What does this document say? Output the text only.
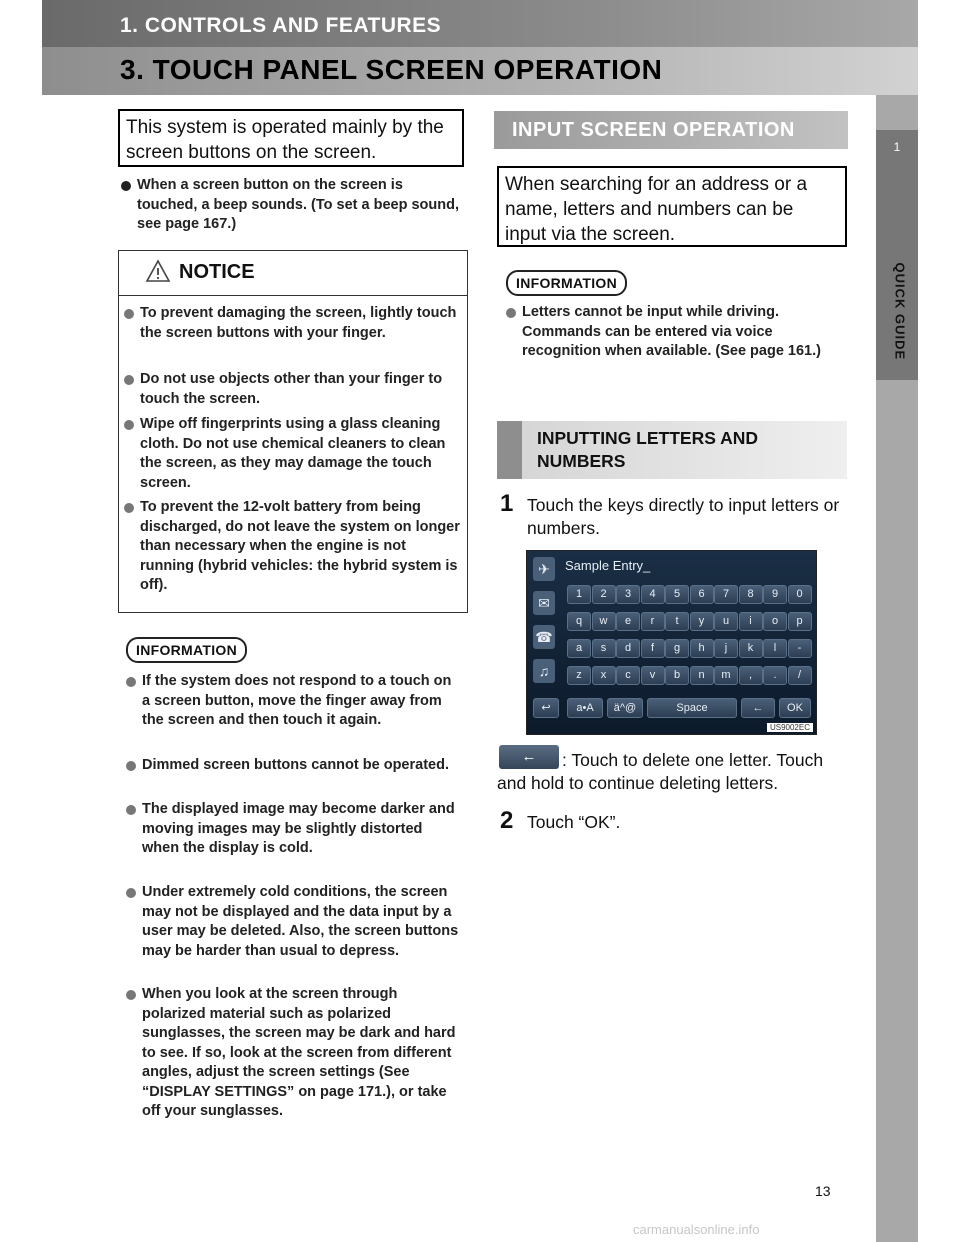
1. CONTROLS AND FEATURES
3. TOUCH PANEL SCREEN OPERATION
1
QUICK GUIDE
This system is operated mainly by the screen buttons on the screen.
When a screen button on the screen is touched, a beep sounds. (To set a beep sound, see page 167.)
NOTICE
To prevent damaging the screen, lightly touch the screen buttons with your finger.
Do not use objects other than your finger to touch the screen.
Wipe off fingerprints using a glass cleaning cloth. Do not use chemical cleaners to clean the screen, as they may damage the touch screen.
To prevent the 12-volt battery from being discharged, do not leave the system on longer than necessary when the engine is not running (hybrid vehicles: the hybrid system is off).
INFORMATION
If the system does not respond to a touch on a screen button, move the finger away from the screen and then touch it again.
Dimmed screen buttons cannot be operated.
The displayed image may become darker and moving images may be slightly distorted when the display is cold.
Under extremely cold conditions, the screen may not be displayed and the data input by a user may be deleted. Also, the screen buttons may be harder than usual to depress.
When you look at the screen through polarized material such as polarized sunglasses, the screen may be dark and hard to see. If so, look at the screen from different angles, adjust the screen settings (See “DISPLAY SETTINGS” on page 171.), or take off your sunglasses.
INPUT SCREEN OPERATION
When searching for an address or a name, letters and numbers can be input via the screen.
INFORMATION
Letters cannot be input while driving. Commands can be entered via voice recognition when available. (See page 161.)
INPUTTING LETTERS AND NUMBERS
1 Touch the keys directly to input letters or numbers.
✈
✉
☎
♫
Sample Entry_
1	2	3	4	5	6	7	8	9	0
q	w	e	r	t	y	u	i	o	p
a	s	d	f	g	h	j	k	l	-
z	x	c	v	b	n	m	,	.	/
↩	a•A	ä^@	Space	←	OK
US9002EC
←	: Touch to delete one letter. Touch and hold to continue deleting letters.
2 Touch “OK”.
13
carmanualsonline.info
